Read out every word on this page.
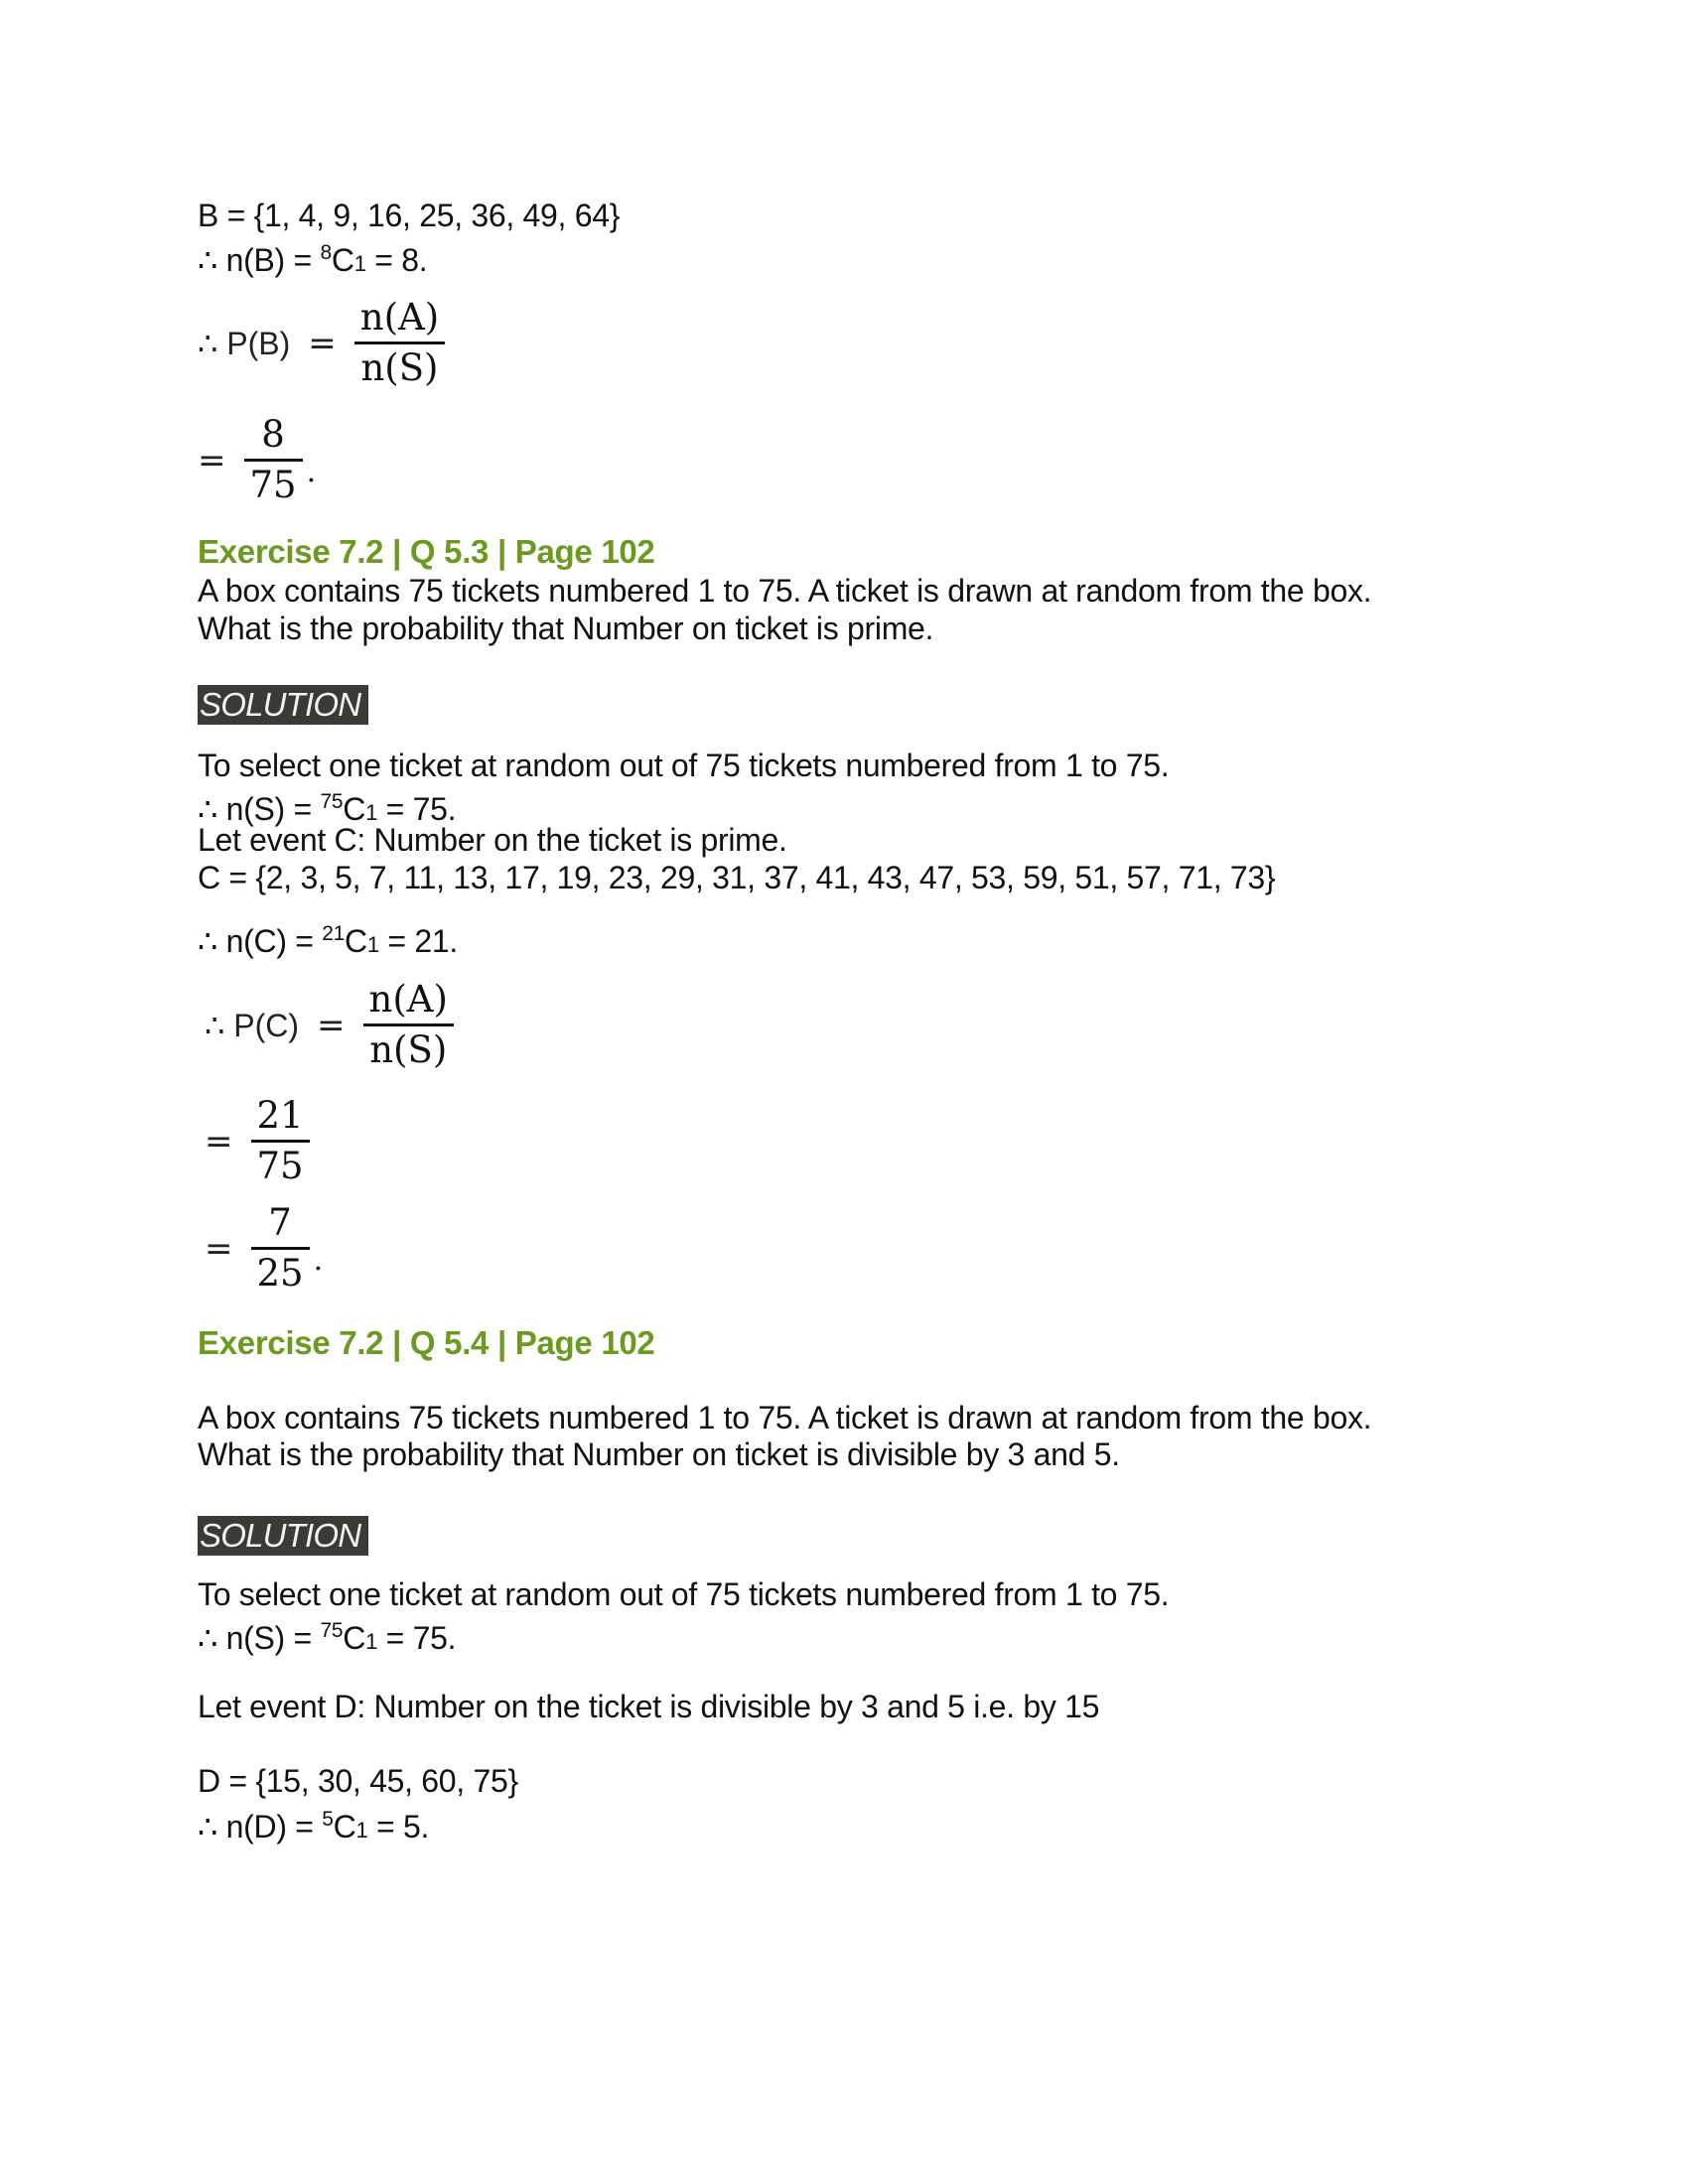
B = {1, 4, 9, 16, 25, 36, 49, 64}
∴ n(B) = $^8$C1 = 8.
∴ $P(B) = \frac{n(A)}{n(S)}$
= $\frac{8}{75}$ .
Exercise 7.2 | Q 5.3 | Page 102
A box contains 75 tickets numbered 1 to 75. A ticket is drawn at random from the box.
What is the probability that Number on ticket is prime.
SOLUTION
To select one ticket at random out of 75 tickets numbered from 1 to 75.
∴ n(S) = $^{75}$C1 = 75.
Let event C: Number on the ticket is prime.
C = {2, 3, 5, 7, 11, 13, 17, 19, 23, 29, 31, 37, 41, 43, 47, 53, 59, 51, 57, 71, 73}
∴ n(C) = $^{21}$C1 = 21.
∴ $P(C) = \frac{n(A)}{n(S)}$
= $\frac{21}{75}$
= $\frac{7}{25}$ .
Exercise 7.2 | Q 5.4 | Page 102
A box contains 75 tickets numbered 1 to 75. A ticket is drawn at random from the box.
What is the probability that Number on ticket is divisible by 3 and 5.
SOLUTION
To select one ticket at random out of 75 tickets numbered from 1 to 75.
∴ n(S) = $^{75}$C1 = 75.
Let event D: Number on the ticket is divisible by 3 and 5 i.e. by 15
D = {15, 30, 45, 60, 75}
∴ n(D) = $^5$C1 = 5.
